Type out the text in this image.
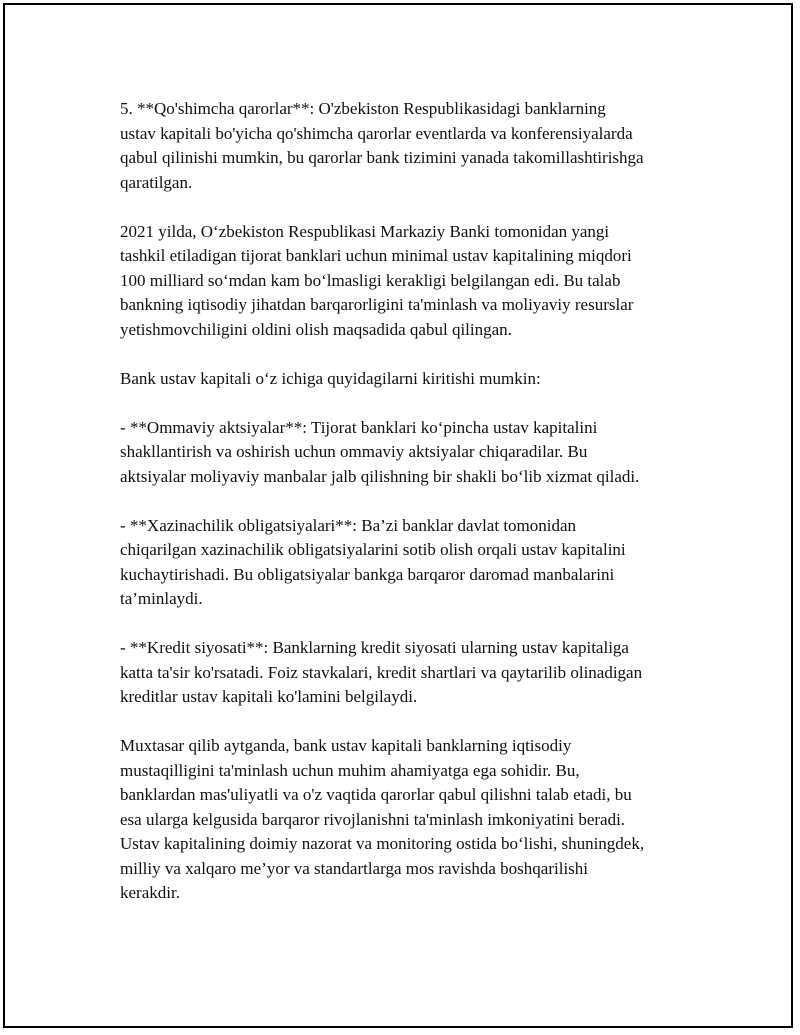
5. **Qo'shimcha qarorlar**: O'zbekiston Respublikasidagi banklarning
ustav kapitali bo'yicha qo'shimcha qarorlar eventlarda va konferensiyalarda
qabul qilinishi mumkin, bu qarorlar bank tizimini yanada takomillashtirishga
qaratilgan.

2021 yilda, O‘zbekiston Respublikasi Markaziy Banki tomonidan yangi
tashkil etiladigan tijorat banklari uchun minimal ustav kapitalining miqdori
100 milliard so‘mdan kam bo‘lmasligi kerakligi belgilangan edi. Bu talab
bankning iqtisodiy jihatdan barqarorligini ta'minlash va moliyaviy resurslar
yetishmovchiligini oldini olish maqsadida qabul qilingan.

Bank ustav kapitali o‘z ichiga quyidagilarni kiritishi mumkin:

- **Ommaviy aktsiyalar**: Tijorat banklari ko‘pincha ustav kapitalini
shakllantirish va oshirish uchun ommaviy aktsiyalar chiqaradilar. Bu
aktsiyalar moliyaviy manbalar jalb qilishning bir shakli bo‘lib xizmat qiladi.

- **Xazinachilik obligatsiyalari**: Ba’zi banklar davlat tomonidan
chiqarilgan xazinachilik obligatsiyalarini sotib olish orqali ustav kapitalini
kuchaytirishadi. Bu obligatsiyalar bankga barqaror daromad manbalarini
ta’minlaydi.

- **Kredit siyosati**: Banklarning kredit siyosati ularning ustav kapitaliga
katta ta'sir ko'rsatadi. Foiz stavkalari, kredit shartlari va qaytarilib olinadigan
kreditlar ustav kapitali ko'lamini belgilaydi.

Muxtasar qilib aytganda, bank ustav kapitali banklarning iqtisodiy
mustaqilligini ta'minlash uchun muhim ahamiyatga ega sohidir. Bu,
banklardan mas'uliyatli va o'z vaqtida qarorlar qabul qilishni talab etadi, bu
esa ularga kelgusida barqaror rivojlanishni ta'minlash imkoniyatini beradi.
Ustav kapitalining doimiy nazorat va monitoring ostida bo‘lishi, shuningdek,
milliy va xalqaro me’yor va standartlarga mos ravishda boshqarilishi
kerakdir.
